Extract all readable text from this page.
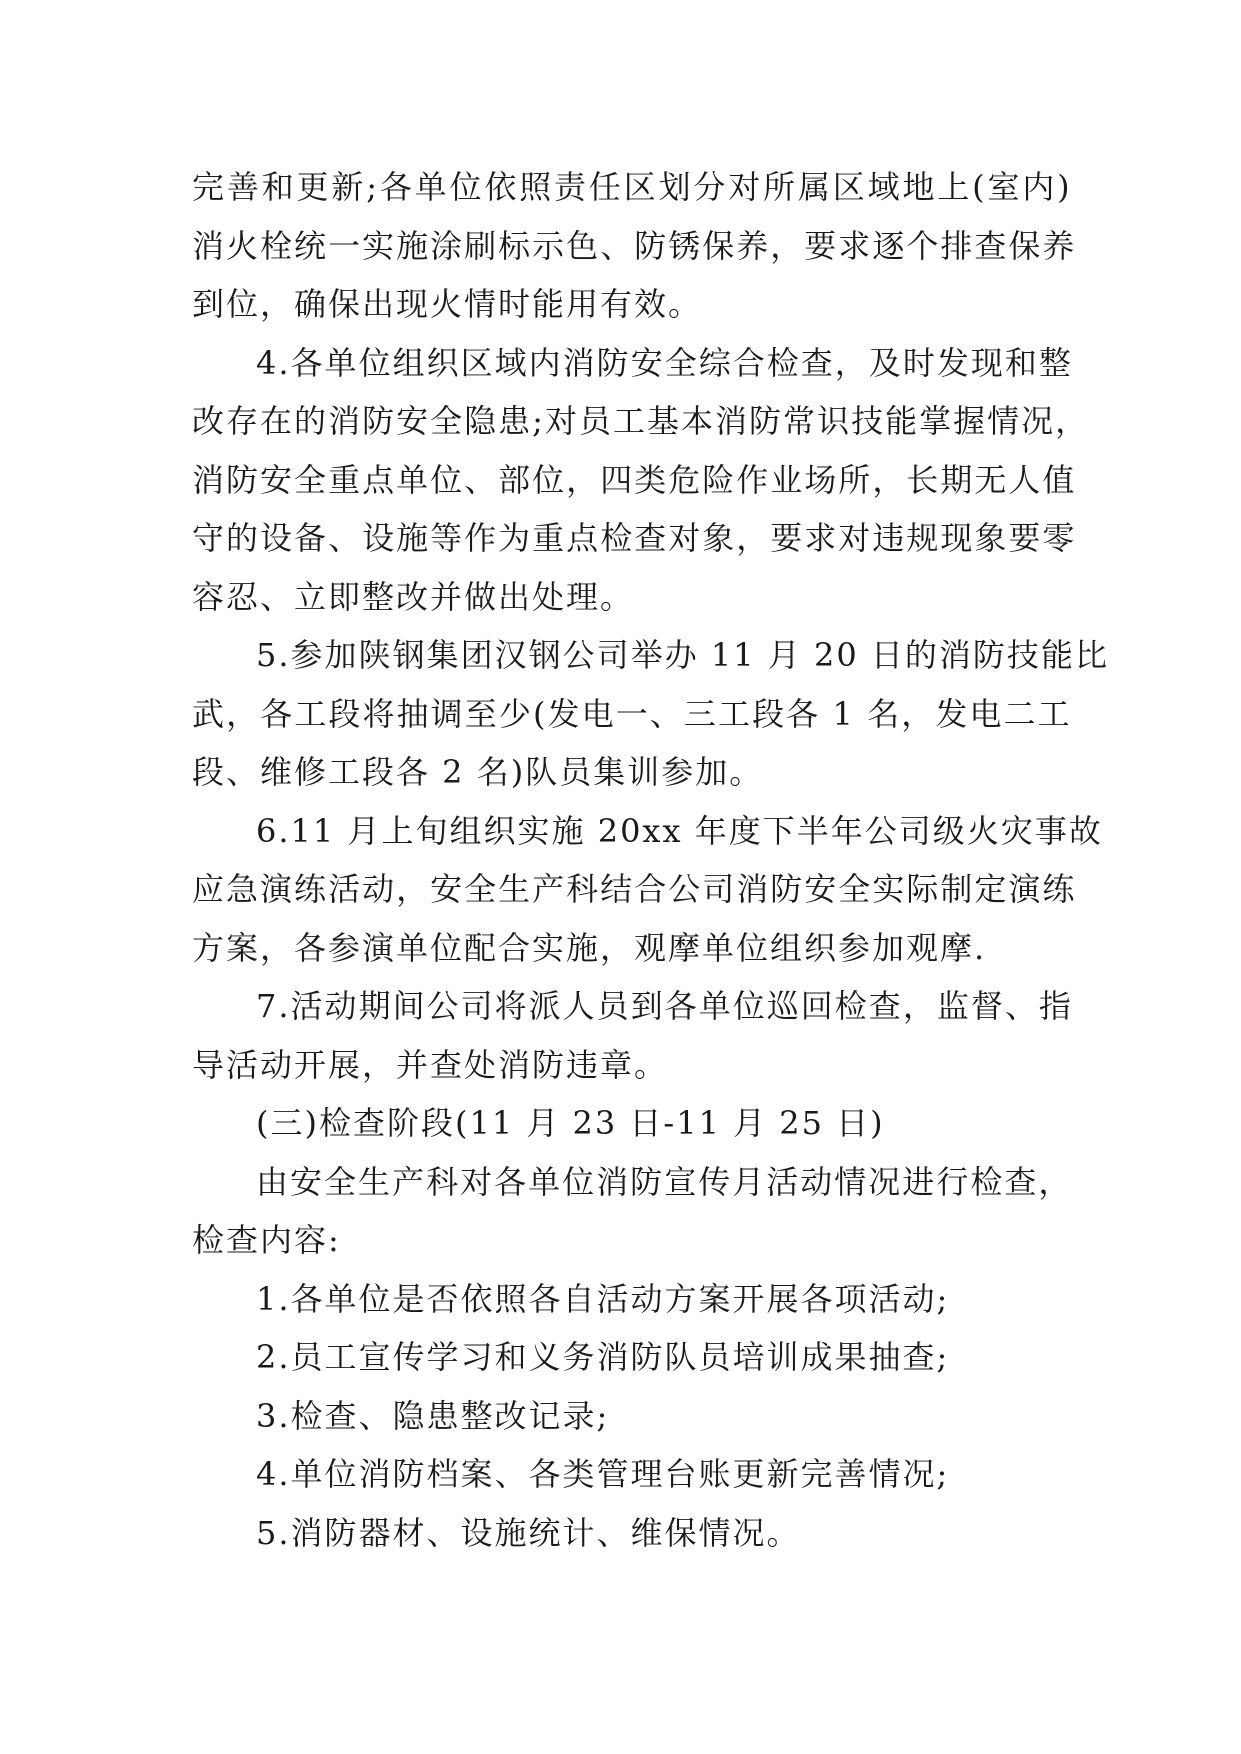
完 善 和 更 新 ; 各 单 位 依 照 责 任 区 划 分 对 所 属 区 域 地 上 ( 室 内 )
消 火 栓 统 一 实 施 涂 刷 标 示 色 、 防 锈 保 养 ， 要 求 逐 个 排 查 保 养
到位，确保出现火情时能用有效。
4 . 各 单 位 组 织 区 域 内 消 防 安 全 综 合 检 查 ， 及 时 发 现 和 整
改 存 在 的 消 防 安 全 隐 患 ; 对 员 工 基 本 消 防 常 识 技 能 掌 握 情 况 ，
消 防 安 全 重 点 单 位 、 部 位 ， 四 类 危 险 作 业 场 所 ， 长 期 无 人 值
守 的 设 备 、 设 施 等 作 为 重 点 检 查 对 象 ， 要 求 对 违 规 现 象 要 零
容忍、立即整改并做出处理。
5 . 参 加 陕 钢 集 团 汉 钢 公 司 举 办
11
月
20
日 的 消 防 技 能 比
武 ， 各 工 段 将 抽 调 至 少 ( 发 电 一 、 三 工 段 各
1
名 ， 发 电 二 工
段、维修工段各 2 名)队员集训参加。
6 . 11
月 上 旬 组 织 实 施
20xx
年 度 下 半 年 公 司 级 火 灾 事 故
应 急 演 练 活 动 ， 安 全 生 产 科 结 合 公 司 消 防 安 全 实 际 制 定 演 练
方案，各参演单位配合实施，观摩单位组织参加观摩.
7 . 活 动 期 间 公 司 将 派 人 员 到 各 单 位 巡 回 检 查 ， 监 督 、 指
导活动开展，并查处消防违章。
(三)检查阶段(11 月 23 日-11 月 25 日)
由 安 全 生 产 科 对 各 单 位 消 防 宣 传 月 活 动 情 况 进 行 检 查 ，
检查内容:
1.各单位是否依照各自活动方案开展各项活动;
2.员工宣传学习和义务消防队员培训成果抽查;
3.检查、隐患整改记录;
4.单位消防档案、各类管理台账更新完善情况;
5.消防器材、设施统计、维保情况。
